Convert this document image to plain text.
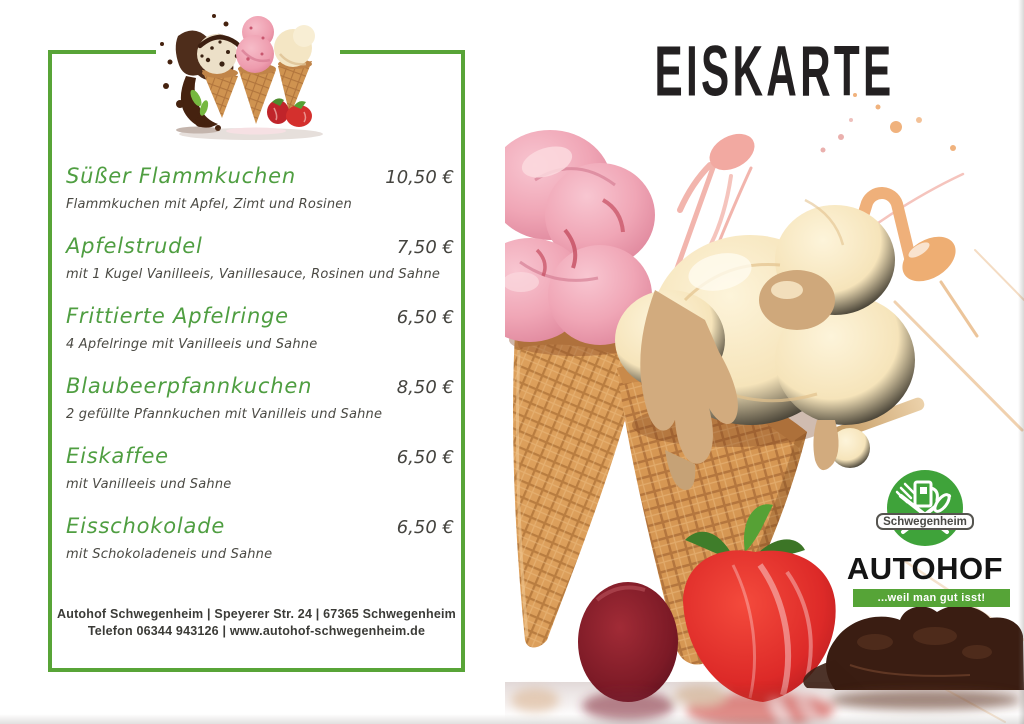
Süßer Flammkuchen	10,50 €
Flammkuchen mit Apfel, Zimt und Rosinen
Apfelstrudel	7,50 €
mit 1 Kugel Vanilleeis, Vanillesauce, Rosinen und Sahne
Frittierte Apfelringe	6,50 €
4 Apfelringe mit Vanilleeis und Sahne
Blaubeerpfannkuchen	8,50 €
2 gefüllte Pfannkuchen mit Vanilleis und Sahne
Eiskaffee	6,50 €
mit Vanilleeis und Sahne
Eisschokolade	6,50 €
mit Schokoladeneis und Sahne
Autohof Schwegenheim | Speyerer Str. 24 | 67365 Schwegenheim
Telefon 06344 943126 | www.autohof-schwegenheim.de
EISKARTE
Schwegenheim
AUTOHOF
...weil man gut isst!
